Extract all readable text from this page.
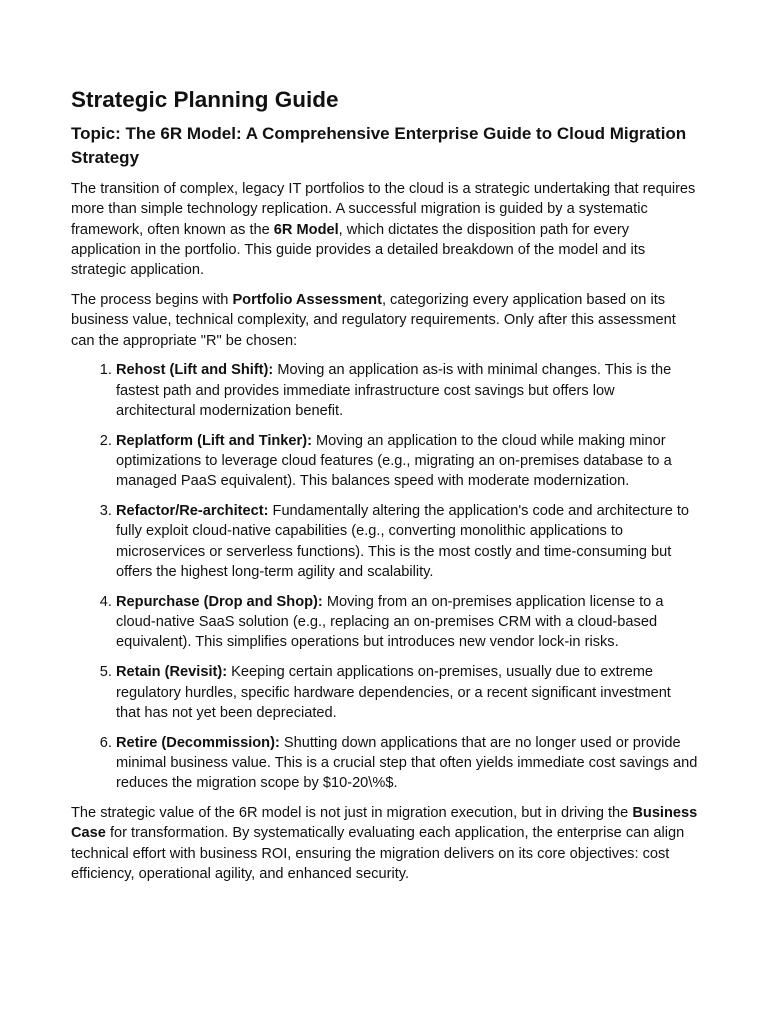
Strategic Planning Guide
Topic: The 6R Model: A Comprehensive Enterprise Guide to Cloud Migration Strategy

The transition of complex, legacy IT portfolios to the cloud is a strategic undertaking that requires more than simple technology replication. A successful migration is guided by a systematic framework, often known as the 6R Model, which dictates the disposition path for every application in the portfolio. This guide provides a detailed breakdown of the model and its strategic application.

The process begins with Portfolio Assessment, categorizing every application based on its business value, technical complexity, and regulatory requirements. Only after this assessment can the appropriate "R" be chosen:

1. Rehost (Lift and Shift): Moving an application as-is with minimal changes. This is the fastest path and provides immediate infrastructure cost savings but offers low architectural modernization benefit.
2. Replatform (Lift and Tinker): Moving an application to the cloud while making minor optimizations to leverage cloud features (e.g., migrating an on-premises database to a managed PaaS equivalent). This balances speed with moderate modernization.
3. Refactor/Re-architect: Fundamentally altering the application's code and architecture to fully exploit cloud-native capabilities (e.g., converting monolithic applications to microservices or serverless functions). This is the most costly and time-consuming but offers the highest long-term agility and scalability.
4. Repurchase (Drop and Shop): Moving from an on-premises application license to a cloud-native SaaS solution (e.g., replacing an on-premises CRM with a cloud-based equivalent). This simplifies operations but introduces new vendor lock-in risks.
5. Retain (Revisit): Keeping certain applications on-premises, usually due to extreme regulatory hurdles, specific hardware dependencies, or a recent significant investment that has not yet been depreciated.
6. Retire (Decommission): Shutting down applications that are no longer used or provide minimal business value. This is a crucial step that often yields immediate cost savings and reduces the migration scope by $10-20\%$.

The strategic value of the 6R model is not just in migration execution, but in driving the Business Case for transformation. By systematically evaluating each application, the enterprise can align technical effort with business ROI, ensuring the migration delivers on its core objectives: cost efficiency, operational agility, and enhanced security.
